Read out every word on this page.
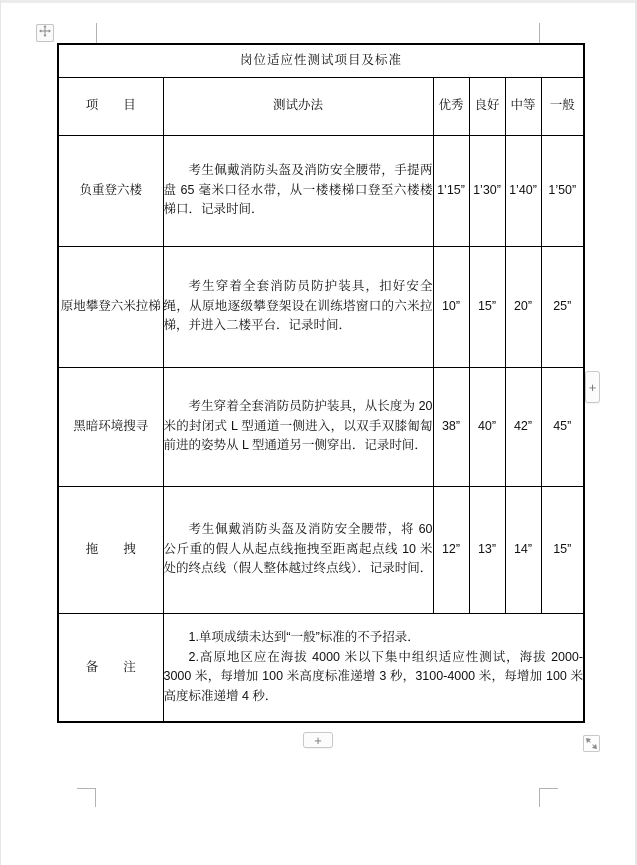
岗位适应性测试项目及标准					
项　　目	测试办法	优秀	良好	中等	一般
负重登六楼	考生佩戴消防头盔及消防安全腰带，手提两盘 65 毫米口径水带，从一楼楼梯口登至六楼楼梯口．记录时间．	1’15”	1’30”	1’40”	1’50”
原地攀登六米拉梯	考生穿着全套消防员防护装具，扣好安全绳，从原地逐级攀登架设在训练塔窗口的六米拉梯，并进入二楼平台．记录时间．	10”	15”	20”	25”
黑暗环境搜寻	考生穿着全套消防员防护装具，从长度为 20 米的封闭式 L 型通道一侧进入，以双手双膝匍匐前进的姿势从 L 型通道另一侧穿出．记录时间．	38”	40”	42”	45”
拖　　拽	考生佩戴消防头盔及消防安全腰带，将 60 公斤重的假人从起点线拖拽至距离起点线 10 米处的终点线（假人整体越过终点线）．记录时间．	12”	13”	14”	15”
备　　注	1.单项成绩未达到“一般”标准的不予招录．

2.高原地区应在海拔 4000 米以下集中组织适应性测试，海拔 2000-3000 米，每增加 100 米高度标准递增 3 秒，3100-4000 米，每增加 100 米高度标准递增 4 秒．				

+
+
